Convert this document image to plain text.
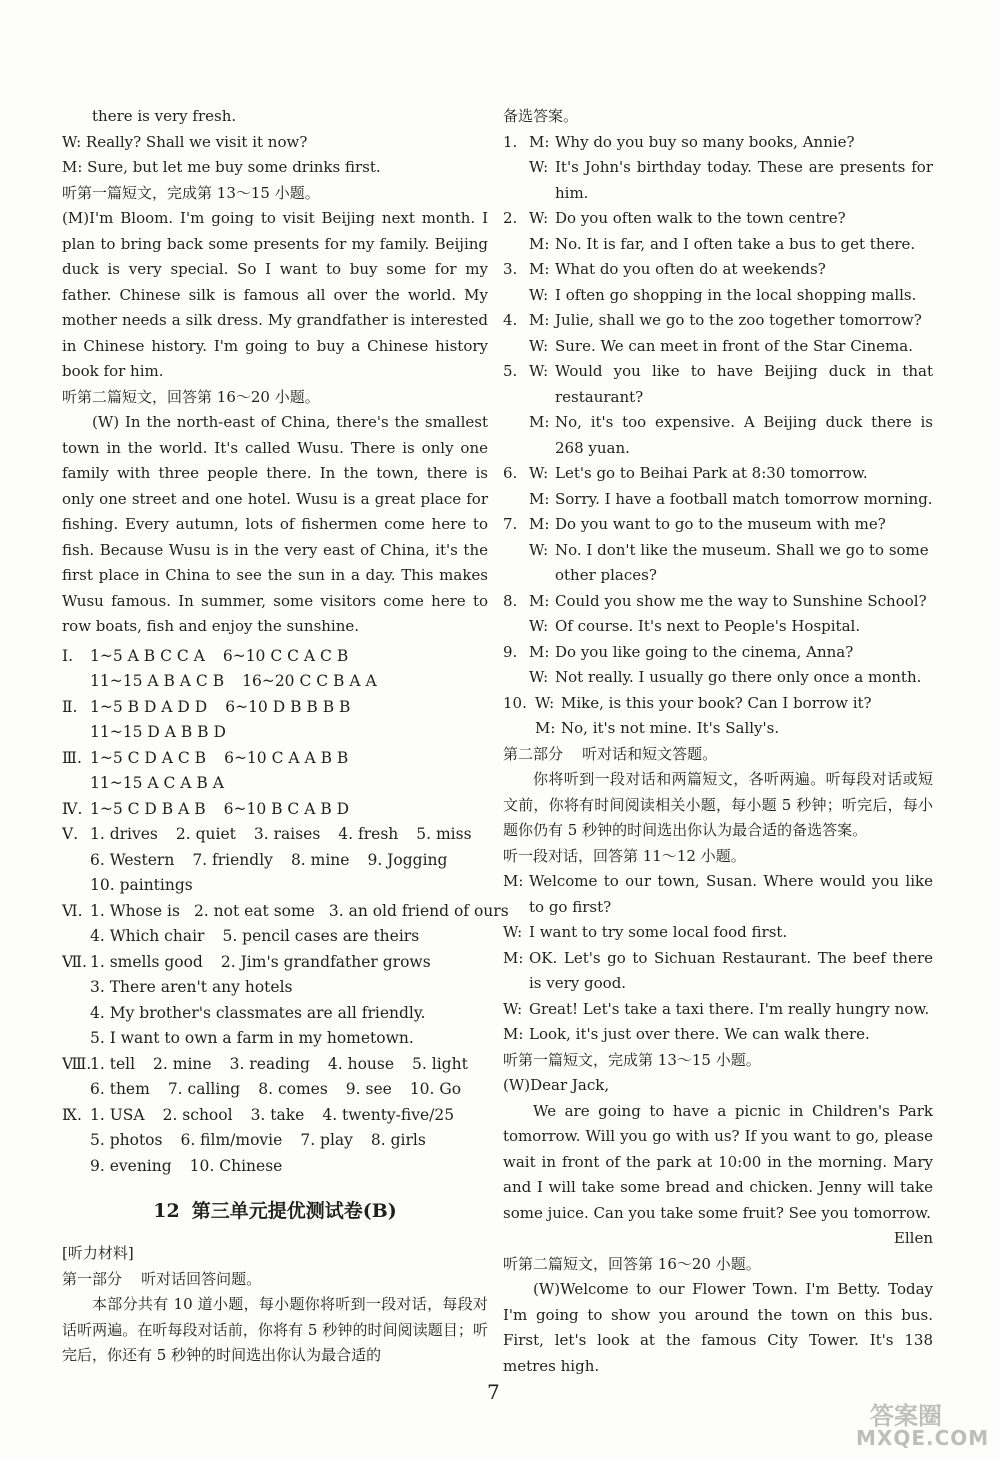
there is very fresh.
W: Really? Shall we visit it now?
M: Sure, but let me buy some drinks first.
听第一篇短文，完成第 13～15 小题。
(M)I'm Bloom. I'm going to visit Beijing next month. I plan to bring back some presents for my family. Beijing duck is very special. So I want to buy some for my father. Chinese silk is famous all over the world. My mother needs a silk dress. My grandfather is interested in Chinese history. I'm going to buy a Chinese history book for him.
听第二篇短文，回答第 16～20 小题。
(W) In the north-east of China, there's the smallest town in the world. It's called Wusu. There is only one family with three people there. In the town, there is only one street and one hotel. Wusu is a great place for fishing. Every autumn, lots of fishermen come here to fish. Because Wusu is in the very east of China, it's the first place in China to see the sun in a day. This makes Wusu famous. In summer, some visitors come here to row boats, fish and enjoy the sunshine.
Ⅰ.	1~5 A B C C A 6~10 C C A C B
11~15 A B A C B 16~20 C C B A A
Ⅱ. 1~5 B D A D D 6~10 D B B B B
11~15 D A B B D
Ⅲ. 1~5 C D A C B 6~10 C A A B B
11~15 A C A B A
Ⅳ. 1~5 C D B A B 6~10 B C A B D
Ⅴ. 1. drives 2. quiet 3. raises 4. fresh 5. miss
6. Western 7. friendly 8. mine 9. Jogging
10. paintings
Ⅵ. 1. Whose is 2. not eat some 3. an old friend of ours
4. Which chair 5. pencil cases are theirs
Ⅶ. 1. smells good 2. Jim's grandfather grows
3. There aren't any hotels
4. My brother's classmates are all friendly.
5. I want to own a farm in my hometown.
Ⅷ.
1. tell 2. mine 3. reading 4. house 5. light
6. them 7. calling 8. comes 9. see 10. Go
Ⅸ. 1. USA 2. school 3. take 4. twenty-five/25
5. photos 6. film/movie 7. play 8. girls
9. evening 10. Chinese
12 第三单元提优测试卷(B)
[听力材料]
第一部分    听对话回答问题。
本部分共有 10 道小题，每小题你将听到一段对话，每段对话听两遍。在听每段对话前，你将有 5 秒钟的时间阅读题目；听完后，你还有 5 秒钟的时间选出你认为最合适的
备选答案。
1. M: Why do you buy so many books, Annie?
W: It's John's birthday today. These are presents for him.
2. W: Do you often walk to the town centre?
M: No. It is far, and I often take a bus to get there.
3. M: What do you often do at weekends?
W: I often go shopping in the local shopping malls.
4. M: Julie, shall we go to the zoo together tomorrow?
W: Sure. We can meet in front of the Star Cinema.
5. W: Would you like to have Beijing duck in that restaurant?
M: No, it's too expensive. A Beijing duck there is 268 yuan.
6. W: Let's go to Beihai Park at 8:30 tomorrow.
M: Sorry. I have a football match tomorrow morning.
7. M: Do you want to go to the museum with me?
W: No. I don't like the museum. Shall we go to some other places?
8. M: Could you show me the way to Sunshine School?
W: Of course. It's next to People's Hospital.
9. M: Do you like going to the cinema, Anna?
W: Not really. I usually go there only once a month.
10. W: Mike, is this your book? Can I borrow it?
M: No, it's not mine. It's Sally's.
第二部分    听对话和短文答题。
你将听到一段对话和两篇短文，各听两遍。听每段对话或短文前，你将有时间阅读相关小题，每小题 5 秒钟；听完后，每小题你仍有 5 秒钟的时间选出你认为最合适的备选答案。
听一段对话，回答第 11～12 小题。
M: Welcome to our town, Susan. Where would you like to go first?
W: I want to try some local food first.
M: OK. Let's go to Sichuan Restaurant. The beef there is very good.
W: Great! Let's take a taxi there. I'm really hungry now.
M: Look, it's just over there. We can walk there.
听第一篇短文，完成第 13～15 小题。
(W)Dear Jack,
We are going to have a picnic in Children's Park tomorrow. Will you go with us? If you want to go, please wait in front of the park at 10:00 in the morning. Mary and I will take some bread and chicken. Jenny will take some juice. Can you take some fruit? See you tomorrow.
Ellen
听第二篇短文，回答第 16～20 小题。
(W)Welcome to our Flower Town. I'm Betty. Today I'm going to show you around the town on this bus. First, let's look at the famous City Tower. It's 138 metres high.
7
答案圈
MXQE.COM
